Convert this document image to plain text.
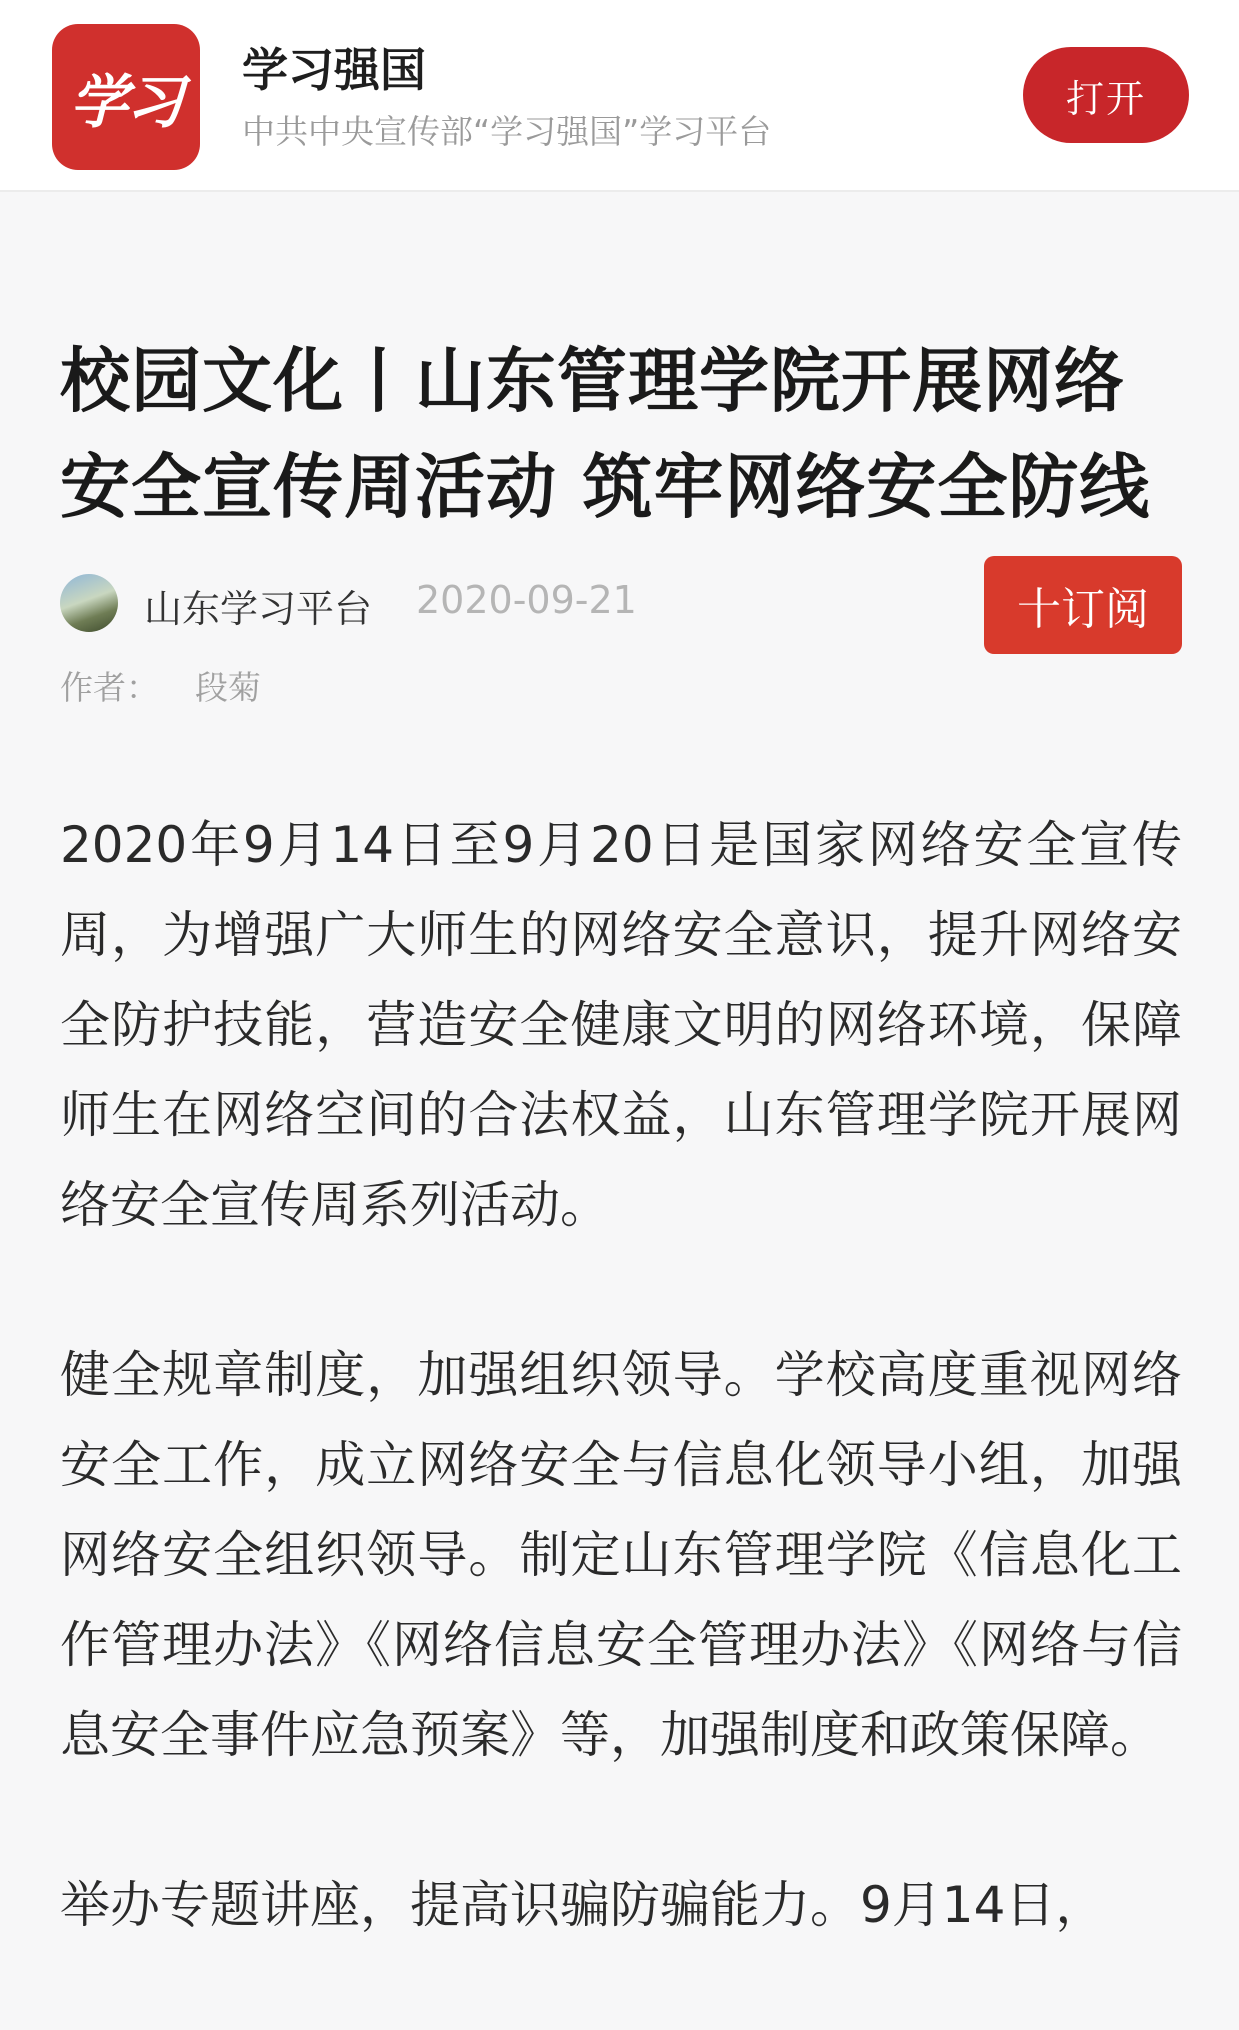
学习	学习强国
中共中央宣传部“学习强国”学习平台
打开
校园文化丨山东管理学院开展网络安全宣传周活动 筑牢网络安全防线
山东学习平台 2020-09-21	十订阅
作者： 段菊

2020年9月14日至9月20日是国家网络安全宣传周，为增强广大师生的网络安全意识，提升网络安全防护技能，营造安全健康文明的网络环境，保障师生在网络空间的合法权益，山东管理学院开展网络安全宣传周系列活动。

健全规章制度，加强组织领导。学校高度重视网络安全工作，成立网络安全与信息化领导小组，加强网络安全组织领导。制定山东管理学院《信息化工作管理办法》《网络信息安全管理办法》《网络与信息安全事件应急预案》等，加强制度和政策保障。

举办专题讲座，提高识骗防骗能力。9月14日，
